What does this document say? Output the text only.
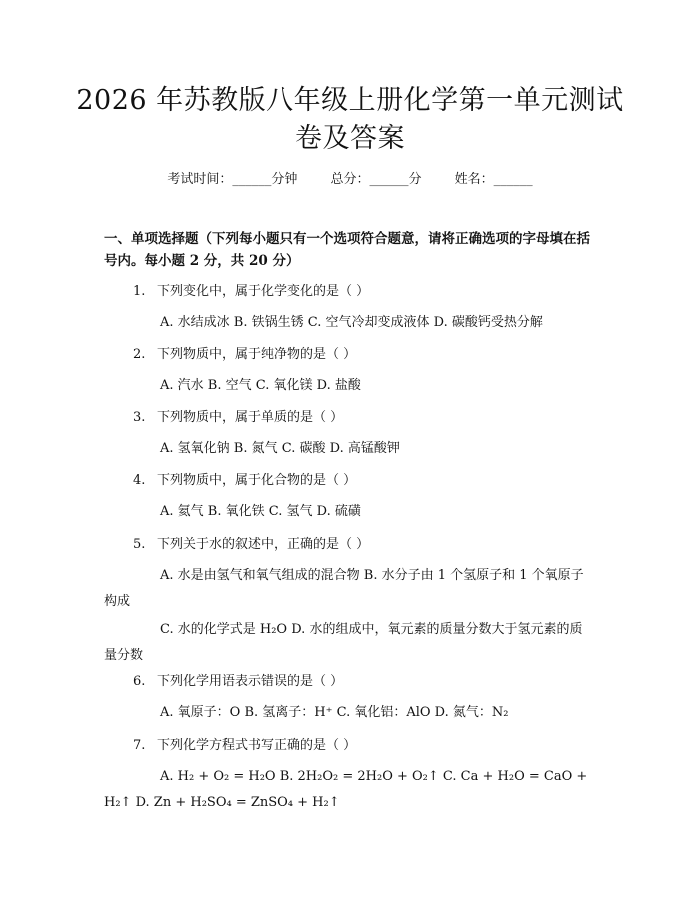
2026 年苏教版八年级上册化学第一单元测试
卷及答案
考试时间：______分钟	总分：______分	姓名：______
一、单项选择题（下列每小题只有一个选项符合题意，请将正确选项的字母填在括号内。每小题 2 分，共 20 分）
1. 下列变化中，属于化学变化的是（ ）
A. 水结成冰 B. 铁锅生锈 C. 空气冷却变成液体 D. 碳酸钙受热分解
2. 下列物质中，属于纯净物的是（ ）
A. 汽水 B. 空气 C. 氧化镁 D. 盐酸
3. 下列物质中，属于单质的是（ ）
A. 氢氧化钠 B. 氮气 C. 碳酸 D. 高锰酸钾
4. 下列物质中，属于化合物的是（ ）
A. 氦气 B. 氧化铁 C. 氢气 D. 硫磺
5. 下列关于水的叙述中，正确的是（ ）
A. 水是由氢气和氧气组成的混合物 B. 水分子由 1 个氢原子和 1 个氧原子构成
C. 水的化学式是 H₂O D. 水的组成中，氧元素的质量分数大于氢元素的质量分数
6. 下列化学用语表示错误的是（ ）
A. 氧原子：O B. 氢离子：H⁺ C. 氧化铝：AlO D. 氮气：N₂
7. 下列化学方程式书写正确的是（ ）
A. H₂ + O₂ = H₂O B. 2H₂O₂ = 2H₂O + O₂↑ C. Ca + H₂O = CaO + H₂↑ D. Zn + H₂SO₄ = ZnSO₄ + H₂↑
